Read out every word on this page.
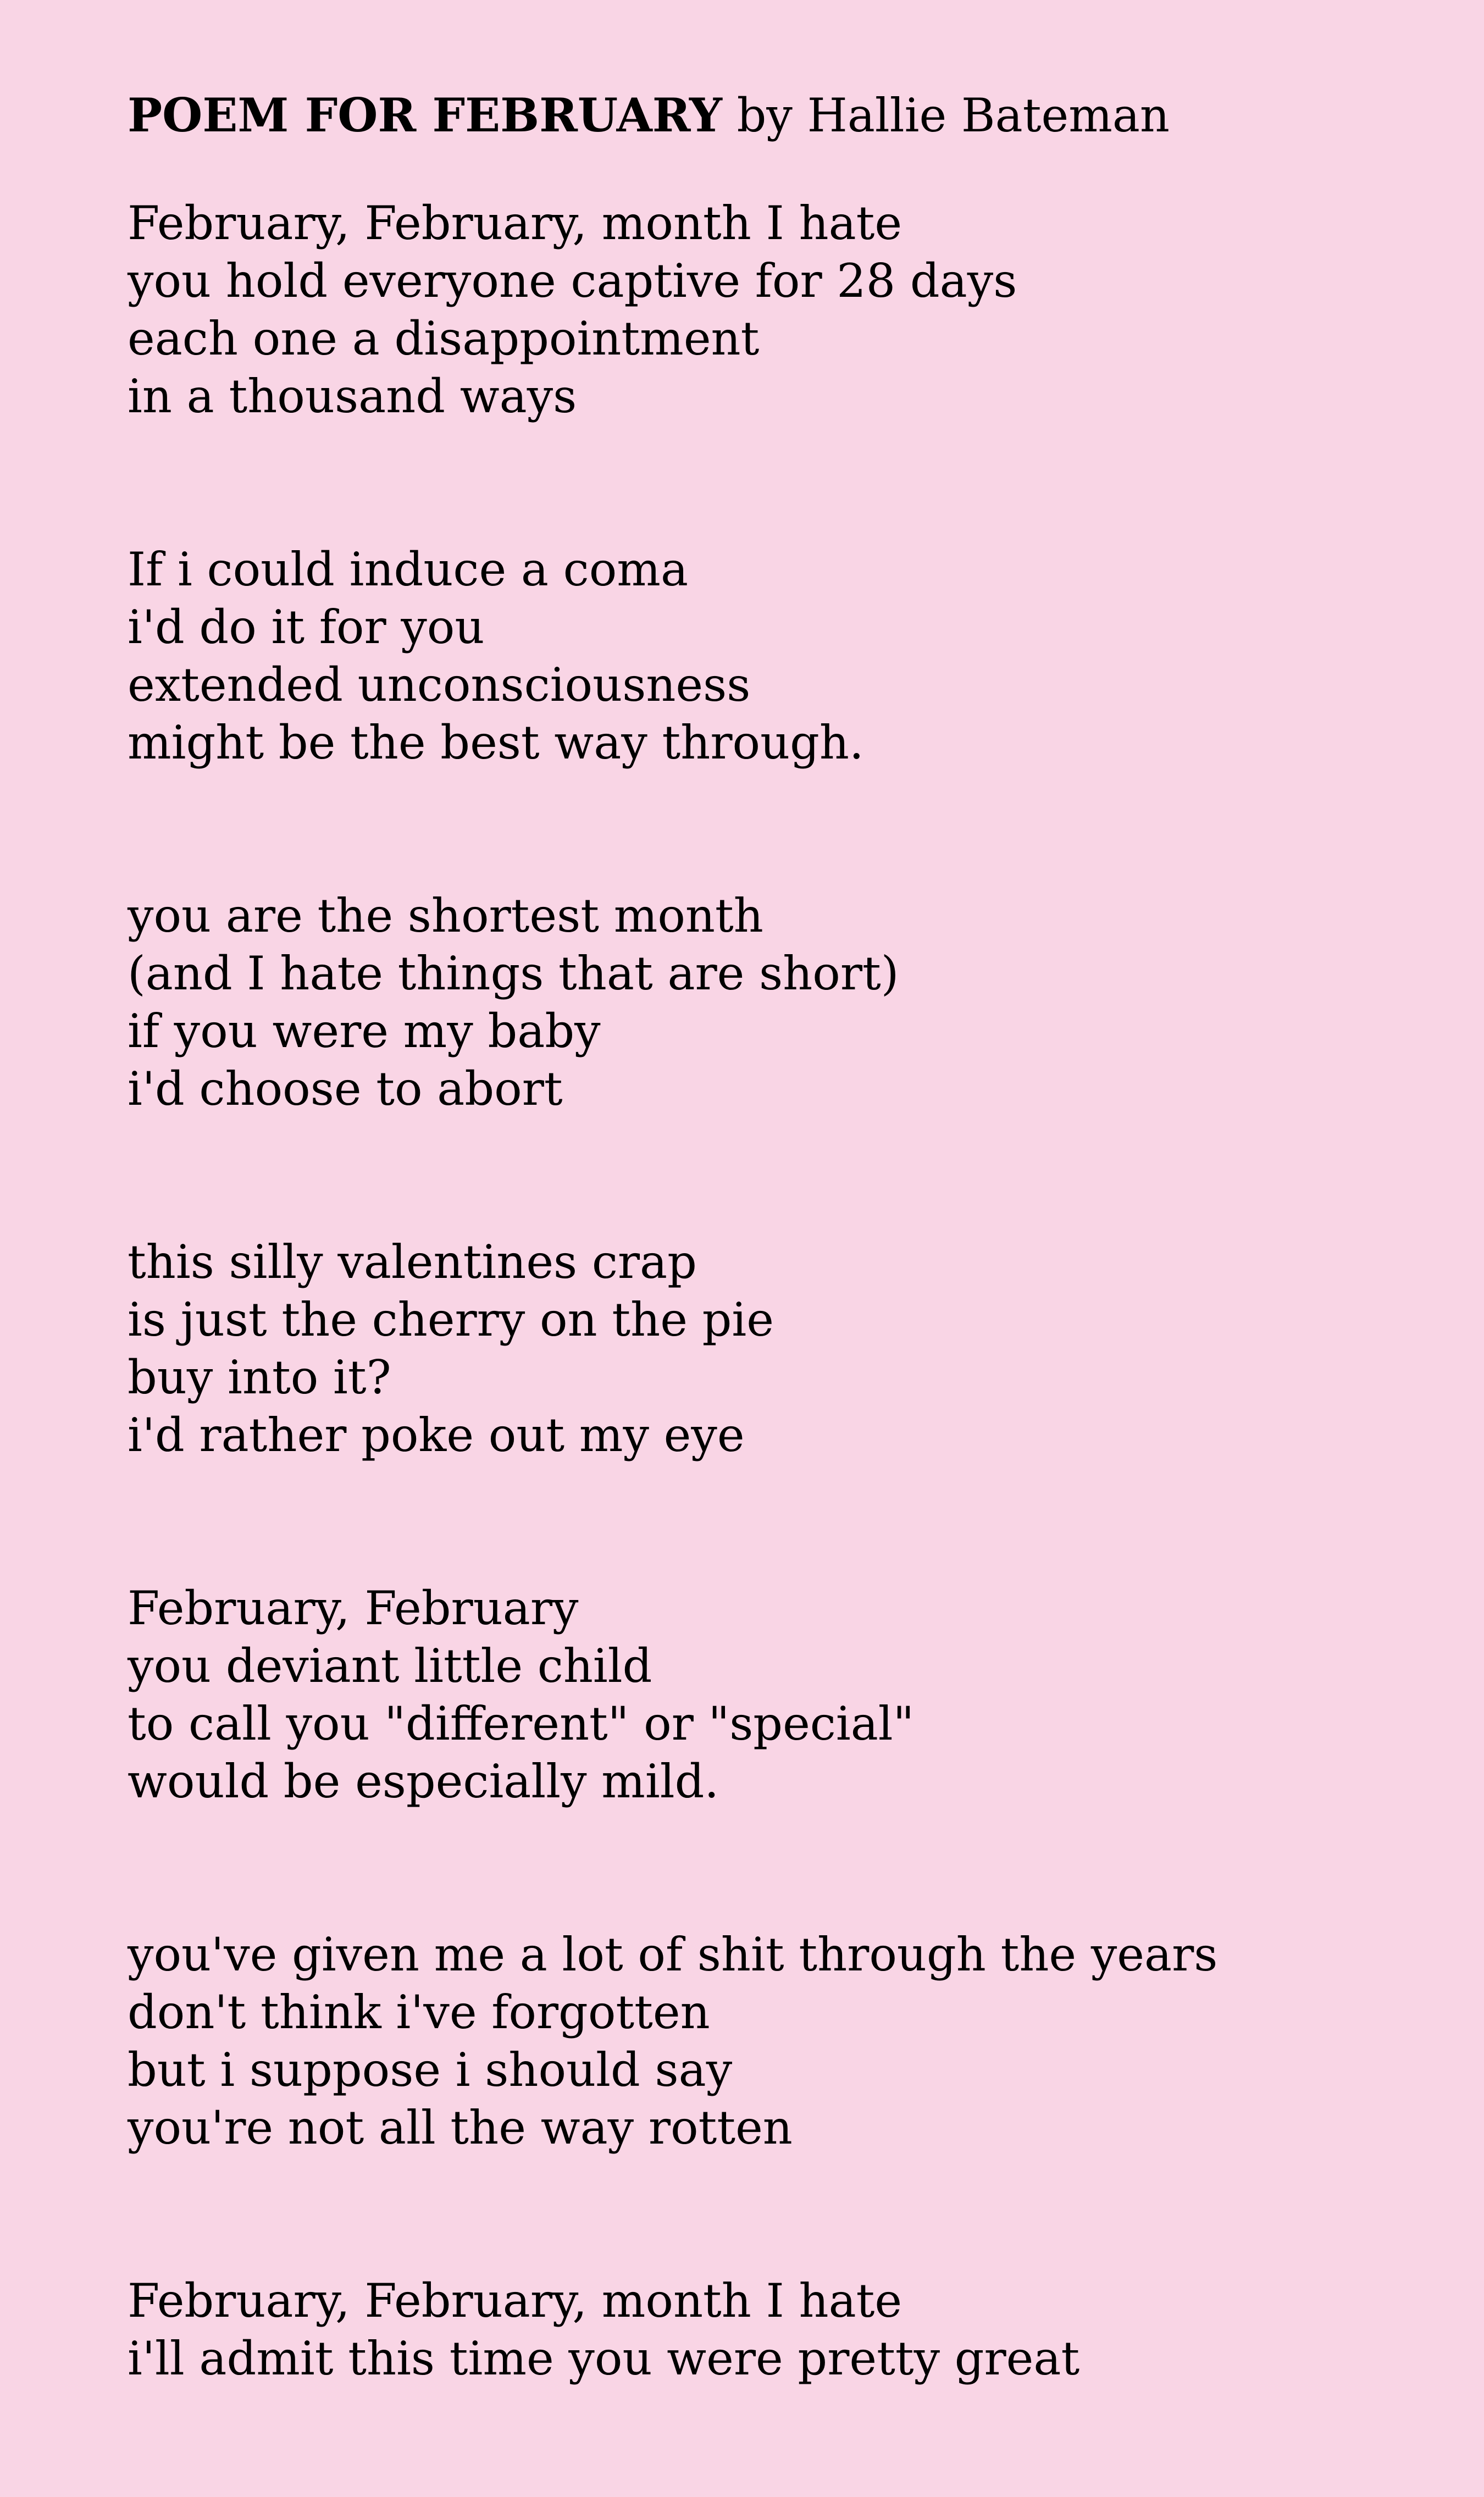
POEM FOR FEBRUARY by Hallie Bateman

February, February, month I hate
you hold everyone captive for 28 days
each one a disappointment
in a thousand ways
If i could induce a coma
i'd do it for you
extended unconsciousness
might be the best way through.
you are the shortest month
(and I hate things that are short)
if you were my baby
i'd choose to abort
this silly valentines crap
is just the cherry on the pie
buy into it?
i'd rather poke out my eye
February, February
you deviant little child
to call you "different" or "special"
would be especially mild.
you've given me a lot of shit through the years
don't think i've forgotten
but i suppose i should say
you're not all the way rotten
February, February, month I hate
i'll admit this time you were pretty great
